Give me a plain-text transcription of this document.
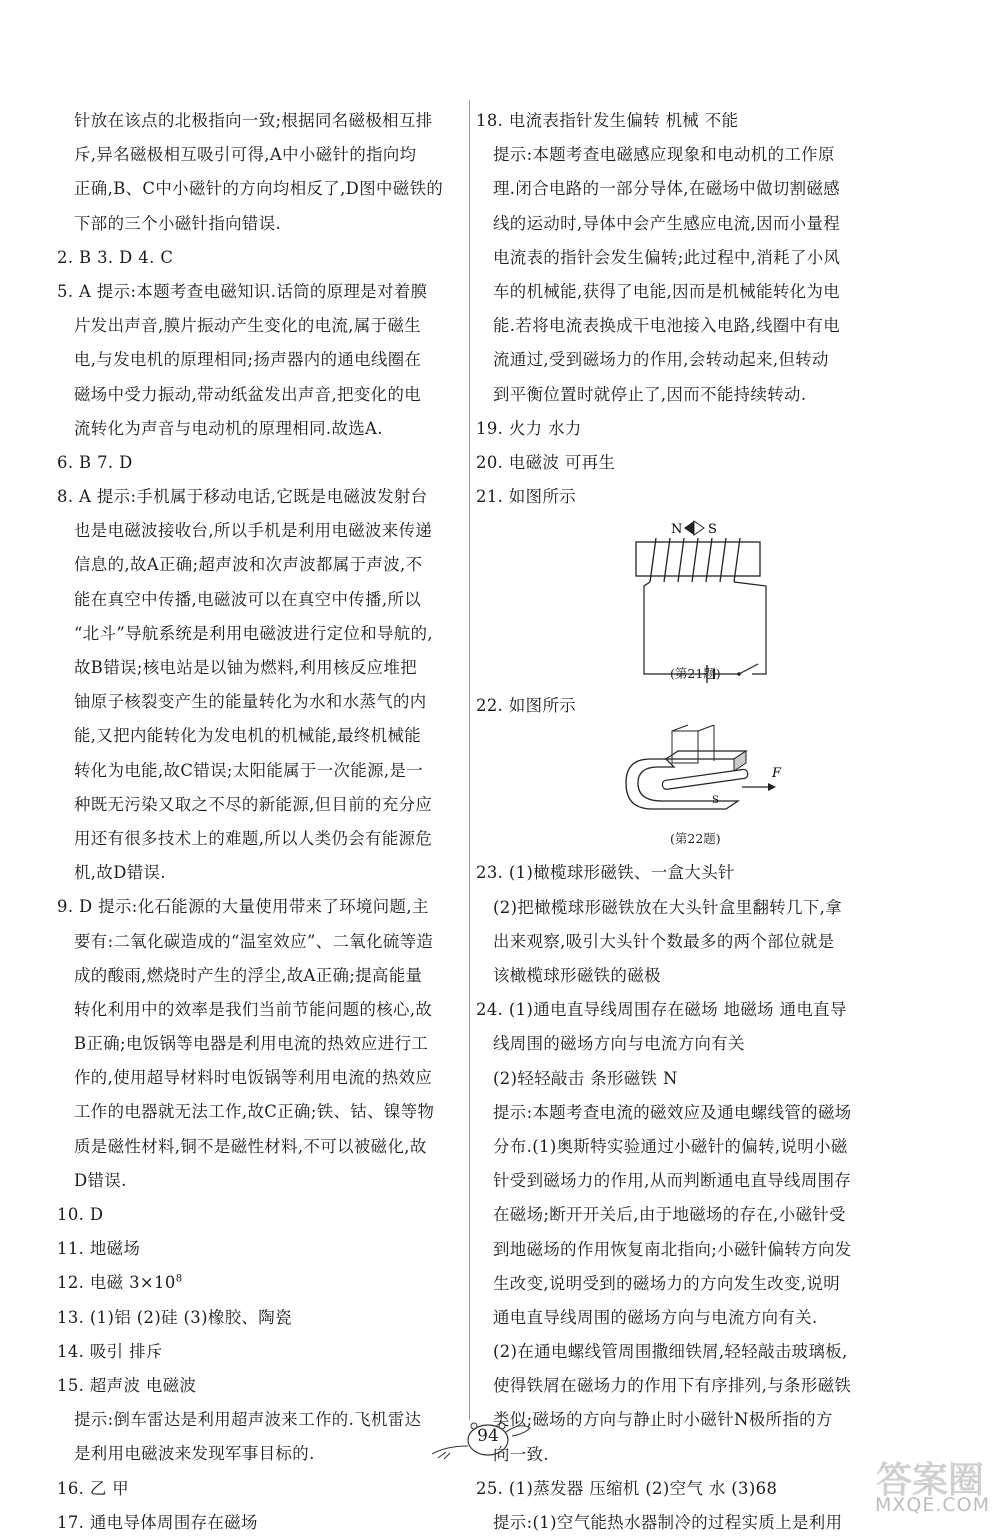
针放在该点的北极指向一致;根据同名磁极相互排
斥,异名磁极相互吸引可得,A中小磁针的指向均
正确,B、C中小磁针的方向均相反了,D图中磁铁的
下部的三个小磁针指向错误.
2. B 3. D 4. C
5. A 提示:本题考查电磁知识.话筒的原理是对着膜
片发出声音,膜片振动产生变化的电流,属于磁生
电,与发电机的原理相同;扬声器内的通电线圈在
磁场中受力振动,带动纸盆发出声音,把变化的电
流转化为声音与电动机的原理相同.故选A.
6. B 7. D
8. A 提示:手机属于移动电话,它既是电磁波发射台
也是电磁波接收台,所以手机是利用电磁波来传递
信息的,故A正确;超声波和次声波都属于声波,不
能在真空中传播,电磁波可以在真空中传播,所以
“北斗”导航系统是利用电磁波进行定位和导航的,
故B错误;核电站是以铀为燃料,利用核反应堆把
铀原子核裂变产生的能量转化为水和水蒸气的内
能,又把内能转化为发电机的机械能,最终机械能
转化为电能,故C错误;太阳能属于一次能源,是一
种既无污染又取之不尽的新能源,但目前的充分应
用还有很多技术上的难题,所以人类仍会有能源危
机,故D错误.
9. D 提示:化石能源的大量使用带来了环境问题,主
要有:二氧化碳造成的“温室效应”、二氧化硫等造
成的酸雨,燃烧时产生的浮尘,故A正确;提高能量
转化利用中的效率是我们当前节能问题的核心,故
B正确;电饭锅等电器是利用电流的热效应进行工
作的,使用超导材料时电饭锅等利用电流的热效应
工作的电器就无法工作,故C正确;铁、钴、镍等物
质是磁性材料,铜不是磁性材料,不可以被磁化,故
D错误.
10. D
11. 地磁场
12. 电磁 $3\times 10^8$
13. (1)铝 (2)硅 (3)橡胶、陶瓷
14. 吸引 排斥
15. 超声波 电磁波
提示:倒车雷达是利用超声波来工作的.飞机雷达
是利用电磁波来发现军事目标的.
16. 乙 甲
17. 通电导体周围存在磁场
18. 电流表指针发生偏转 机械 不能
提示:本题考查电磁感应现象和电动机的工作原
理.闭合电路的一部分导体,在磁场中做切割磁感
线的运动时,导体中会产生感应电流,因而小量程
电流表的指针会发生偏转;此过程中,消耗了小风
车的机械能,获得了电能,因而是机械能转化为电
能.若将电流表换成干电池接入电路,线圈中有电
流通过,受到磁场力的作用,会转动起来,但转动
到平衡位置时就停止了,因而不能持续转动.
19. 火力 水力
20. 电磁波 可再生
21. 如图所示
N S
(第21题)
22. 如图所示
F
S
(第22题)
23. (1)橄榄球形磁铁、一盒大头针
(2)把橄榄球形磁铁放在大头针盒里翻转几下,拿
出来观察,吸引大头针个数最多的两个部位就是
该橄榄球形磁铁的磁极
24. (1)通电直导线周围存在磁场 地磁场 通电直导
线周围的磁场方向与电流方向有关
(2)轻轻敲击 条形磁铁 N
提示:本题考查电流的磁效应及通电螺线管的磁场
分布.(1)奥斯特实验通过小磁针的偏转,说明小磁
针受到磁场力的作用,从而判断通电直导线周围存
在磁场;断开开关后,由于地磁场的存在,小磁针受
到地磁场的作用恢复南北指向;小磁针偏转方向发
生改变,说明受到的磁场力的方向发生改变,说明
通电直导线周围的磁场方向与电流方向有关.
(2)在通电螺线管周围撒细铁屑,轻轻敲击玻璃板,
使得铁屑在磁场力的作用下有序排列,与条形磁铁
类似;磁场的方向与静止时小磁针N极所指的方
向一致.
25. (1)蒸发器 压缩机 (2)空气 水 (3)68
提示:(1)空气能热水器制冷的过程实质上是利用
94
答案圈
MXQE.COM
